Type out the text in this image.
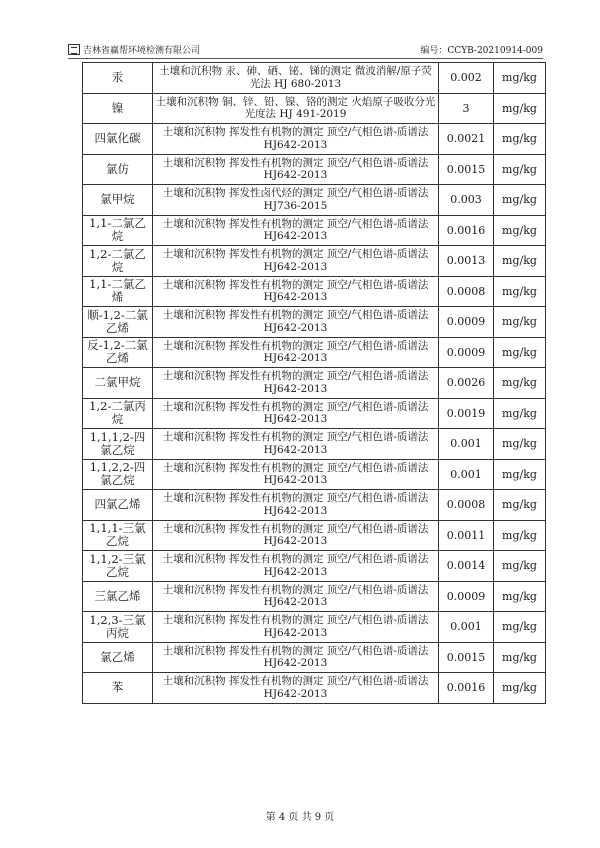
吉林省赢帮环境检测有限公司	编号：CCYB-20210914-009
汞	土壤和沉积物 汞、砷、硒、铋、锑的测定 微波消解/原子荧光法 HJ 680-2013	0.002	mg/kg
镍	土壤和沉积物 铜、锌、铅、镍、铬的测定 火焰原子吸收分光光度法 HJ 491-2019	3	mg/kg
四氯化碳	土壤和沉积物 挥发性有机物的测定 顶空/气相色谱-质谱法 HJ642-2013	0.0021	mg/kg
氯仿	土壤和沉积物 挥发性有机物的测定 顶空/气相色谱-质谱法 HJ642-2013	0.0015	mg/kg
氯甲烷	土壤和沉积物 挥发性卤代烃的测定 顶空/气相色谱-质谱法 HJ736-2015	0.003	mg/kg
1,1-二氯乙烷	土壤和沉积物 挥发性有机物的测定 顶空/气相色谱-质谱法 HJ642-2013	0.0016	mg/kg
1,2-二氯乙烷	土壤和沉积物 挥发性有机物的测定 顶空/气相色谱-质谱法 HJ642-2013	0.0013	mg/kg
1,1-二氯乙烯	土壤和沉积物 挥发性有机物的测定 顶空/气相色谱-质谱法 HJ642-2013	0.0008	mg/kg
顺-1,2-二氯乙烯	土壤和沉积物 挥发性有机物的测定 顶空/气相色谱-质谱法 HJ642-2013	0.0009	mg/kg
反-1,2-二氯乙烯	土壤和沉积物 挥发性有机物的测定 顶空/气相色谱-质谱法 HJ642-2013	0.0009	mg/kg
二氯甲烷	土壤和沉积物 挥发性有机物的测定 顶空/气相色谱-质谱法 HJ642-2013	0.0026	mg/kg
1,2-二氯丙烷	土壤和沉积物 挥发性有机物的测定 顶空/气相色谱-质谱法 HJ642-2013	0.0019	mg/kg
1,1,1,2-四氯乙烷	土壤和沉积物 挥发性有机物的测定 顶空/气相色谱-质谱法 HJ642-2013	0.001	mg/kg
1,1,2,2-四氯乙烷	土壤和沉积物 挥发性有机物的测定 顶空/气相色谱-质谱法 HJ642-2013	0.001	mg/kg
四氯乙烯	土壤和沉积物 挥发性有机物的测定 顶空/气相色谱-质谱法 HJ642-2013	0.0008	mg/kg
1,1,1-三氯乙烷	土壤和沉积物 挥发性有机物的测定 顶空/气相色谱-质谱法 HJ642-2013	0.0011	mg/kg
1,1,2-三氯乙烷	土壤和沉积物 挥发性有机物的测定 顶空/气相色谱-质谱法 HJ642-2013	0.0014	mg/kg
三氯乙烯	土壤和沉积物 挥发性有机物的测定 顶空/气相色谱-质谱法 HJ642-2013	0.0009	mg/kg
1,2,3-三氯丙烷	土壤和沉积物 挥发性有机物的测定 顶空/气相色谱-质谱法 HJ642-2013	0.001	mg/kg
氯乙烯	土壤和沉积物 挥发性有机物的测定 顶空/气相色谱-质谱法 HJ642-2013	0.0015	mg/kg
苯	土壤和沉积物 挥发性有机物的测定 顶空/气相色谱-质谱法 HJ642-2013	0.0016	mg/kg
第 4 页 共 9 页
